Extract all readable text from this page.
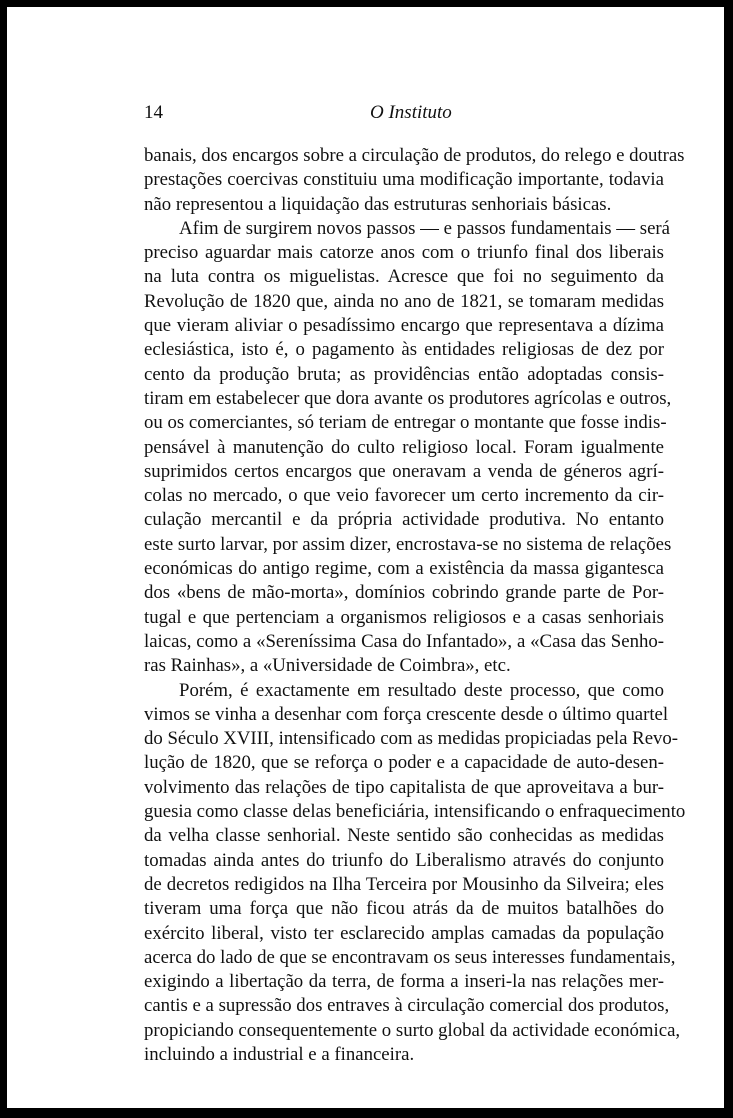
14	O Instituto

banais, dos encargos sobre a circulação de produtos, do relego e doutras
prestações coercivas constituiu uma modificação importante, todavia
não representou a liquidação das estruturas senhoriais básicas.

Afim de surgirem novos passos — e passos fundamentais — será
preciso aguardar mais catorze anos com o triunfo final dos liberais
na luta contra os miguelistas. Acresce que foi no seguimento da
Revolução de 1820 que, ainda no ano de 1821, se tomaram medidas
que vieram aliviar o pesadíssimo encargo que representava a dízima
eclesiástica, isto é, o pagamento às entidades religiosas de dez por
cento da produção bruta; as providências então adoptadas consis-
tiram em estabelecer que dora avante os produtores agrícolas e outros,
ou os comerciantes, só teriam de entregar o montante que fosse indis-
pensável à manutenção do culto religioso local. Foram igualmente
suprimidos certos encargos que oneravam a venda de géneros agrí-
colas no mercado, o que veio favorecer um certo incremento da cir-
culação mercantil e da própria actividade produtiva. No entanto
este surto larvar, por assim dizer, encrostava-se no sistema de relações
económicas do antigo regime, com a existência da massa gigantesca
dos «bens de mão-morta», domínios cobrindo grande parte de Por-
tugal e que pertenciam a organismos religiosos e a casas senhoriais
laicas, como a «Sereníssima Casa do Infantado», a «Casa das Senho-
ras Rainhas», a «Universidade de Coimbra», etc.

Porém, é exactamente em resultado deste processo, que como
vimos se vinha a desenhar com força crescente desde o último quartel
do Século XVIII, intensificado com as medidas propiciadas pela Revo-
lução de 1820, que se reforça o poder e a capacidade de auto-desen-
volvimento das relações de tipo capitalista de que aproveitava a bur-
guesia como classe delas beneficiária, intensificando o enfraquecimento
da velha classe senhorial. Neste sentido são conhecidas as medidas
tomadas ainda antes do triunfo do Liberalismo através do conjunto
de decretos redigidos na Ilha Terceira por Mousinho da Silveira; eles
tiveram uma força que não ficou atrás da de muitos batalhões do
exército liberal, visto ter esclarecido amplas camadas da população
acerca do lado de que se encontravam os seus interesses fundamentais,
exigindo a libertação da terra, de forma a inseri-la nas relações mer-
cantis e a supressão dos entraves à circulação comercial dos produtos,
propiciando consequentemente o surto global da actividade económica,
incluindo a industrial e a financeira.
